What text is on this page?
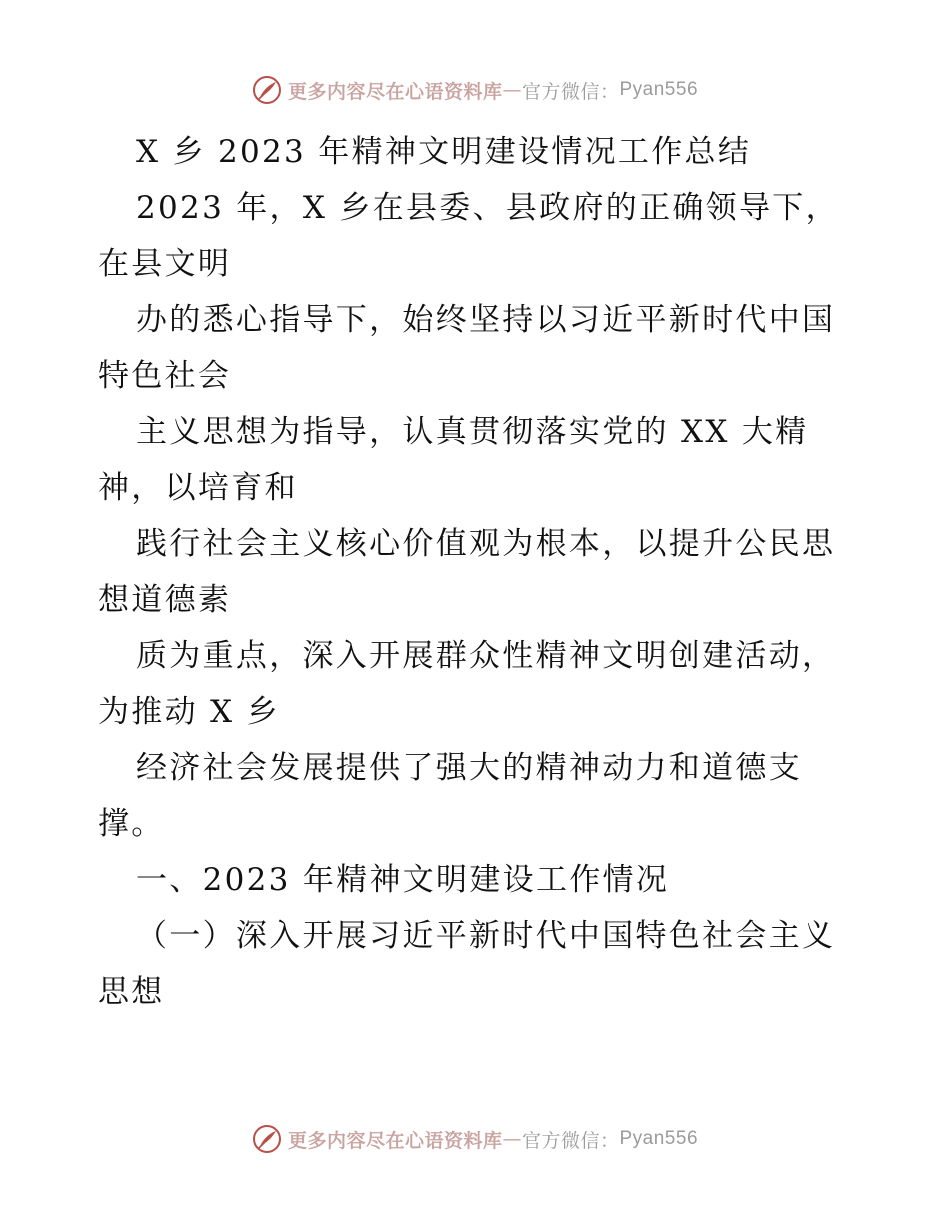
更多内容尽在心语资料库 — 官方微信： Pyan556
X 乡 2023 年精神文明建设情况工作总结
2023 年，X 乡在县委、县政府的正确领导下，
在县文明
办的悉心指导下，始终坚持以习近平新时代中国
特色社会
主义思想为指导，认真贯彻落实党的 XX 大精
神，以培育和
践行社会主义核心价值观为根本，以提升公民思
想道德素
质为重点，深入开展群众性精神文明创建活动，
为推动 X 乡
经济社会发展提供了强大的精神动力和道德支
撑。
一、2023 年精神文明建设工作情况
（一）深入开展习近平新时代中国特色社会主义
思想
更多内容尽在心语资料库 — 官方微信： Pyan556
